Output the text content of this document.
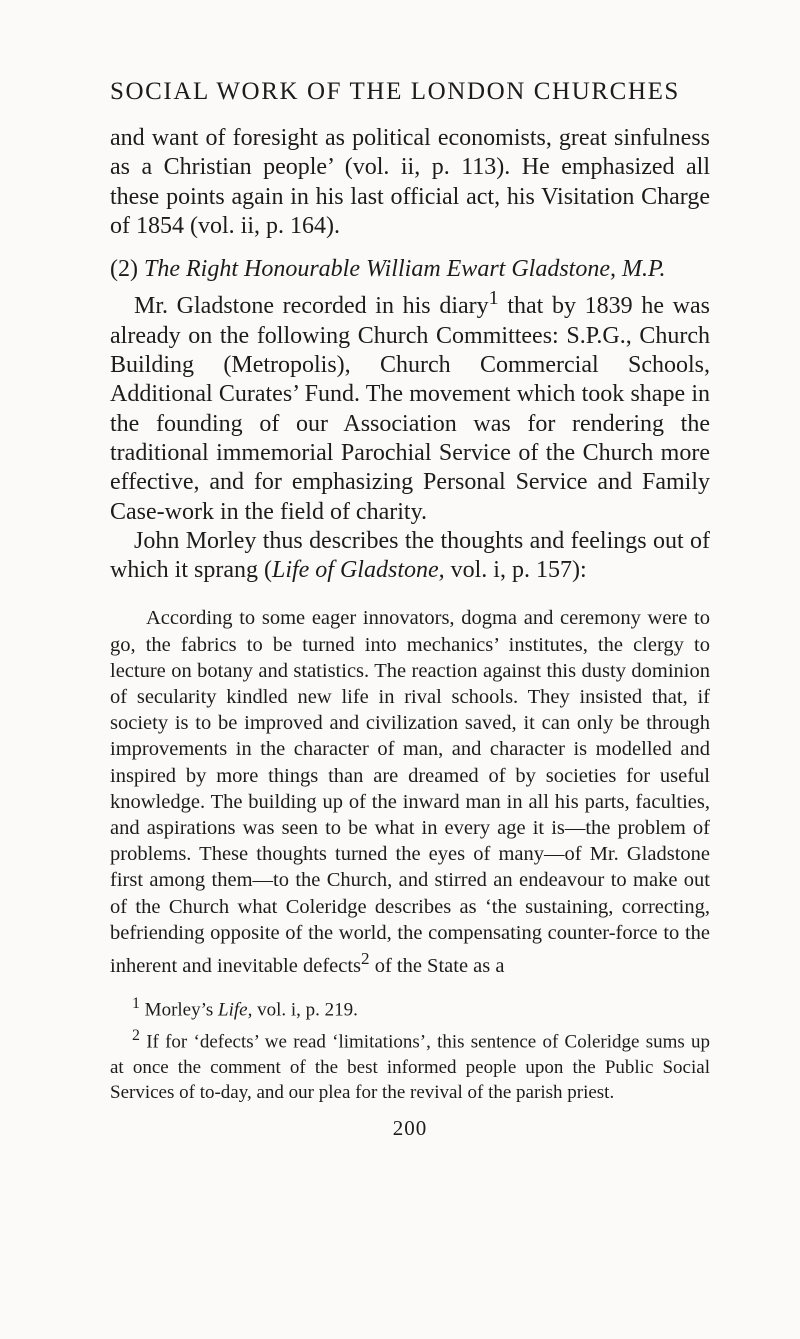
SOCIAL WORK OF THE LONDON CHURCHES

and want of foresight as political economists, great sinfulness as a Christian people’ (vol. ii, p. 113). He emphasized all these points again in his last official act, his Visitation Charge of 1854 (vol. ii, p. 164).

(2) The Right Honourable William Ewart Gladstone, M.P.

Mr. Gladstone recorded in his diary$^1$ that by 1839 he was already on the following Church Committees: S.P.G., Church Building (Metropolis), Church Commercial Schools, Additional Curates’ Fund. The movement which took shape in the founding of our Association was for rendering the traditional immemorial Parochial Service of the Church more effective, and for emphasizing Personal Service and Family Case-work in the field of charity.

John Morley thus describes the thoughts and feelings out of which it sprang (Life of Gladstone, vol. i, p. 157):

According to some eager innovators, dogma and ceremony were to go, the fabrics to be turned into mechanics’ institutes, the clergy to lecture on botany and statistics. The reaction against this dusty dominion of secularity kindled new life in rival schools. They insisted that, if society is to be improved and civilization saved, it can only be through improvements in the character of man, and character is modelled and inspired by more things than are dreamed of by societies for useful knowledge. The building up of the inward man in all his parts, faculties, and aspirations was seen to be what in every age it is—the problem of problems. These thoughts turned the eyes of many—of Mr. Gladstone first among them—to the Church, and stirred an endeavour to make out of the Church what Coleridge describes as ‘the sustaining, correcting, befriending opposite of the world, the compensating counter-force to the inherent and inevitable defects$^2$ of the State as a

$^1$ Morley’s Life, vol. i, p. 219.

$^2$ If for ‘defects’ we read ‘limitations’, this sentence of Coleridge sums up at once the comment of the best informed people upon the Public Social Services of to-day, and our plea for the revival of the parish priest.

200
